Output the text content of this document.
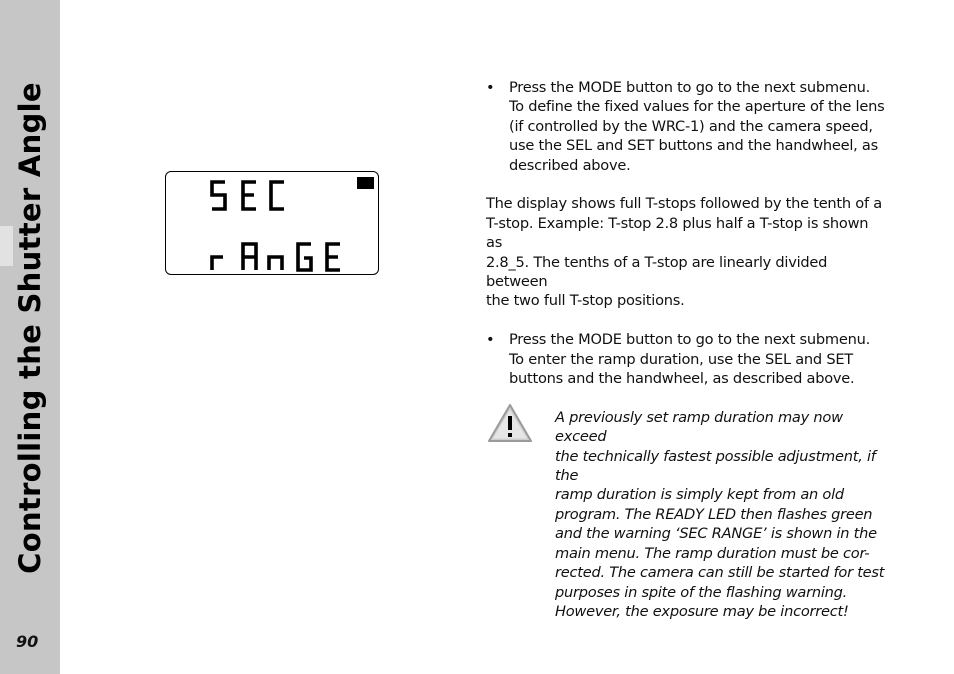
Controlling the Shutter Angle
90
• Press the MODE button to go to the next submenu.

To define the fixed values for the aperture of the lens

(if controlled by the WRC-1) and the camera speed,

use the SEL and SET buttons and the handwheel, as

described above.

The display shows full T-stops followed by the tenth of a

T-stop. Example: T-stop 2.8 plus half a T-stop is shown as

2.8_5. The tenths of a T-stop are linearly divided between

the two full T-stop positions.

• Press the MODE button to go to the next submenu.

To enter the ramp duration, use the SEL and SET

buttons and the handwheel, as described above.

A previously set ramp duration may now exceed

the technically fastest possible adjustment, if the

ramp duration is simply kept from an old

program. The READY LED then flashes green

and the warning ‘SEC RANGE’ is shown in the

main menu. The ramp duration must be cor-

rected. The camera can still be started for test

purposes in spite of the flashing warning.

However, the exposure may be incorrect!
